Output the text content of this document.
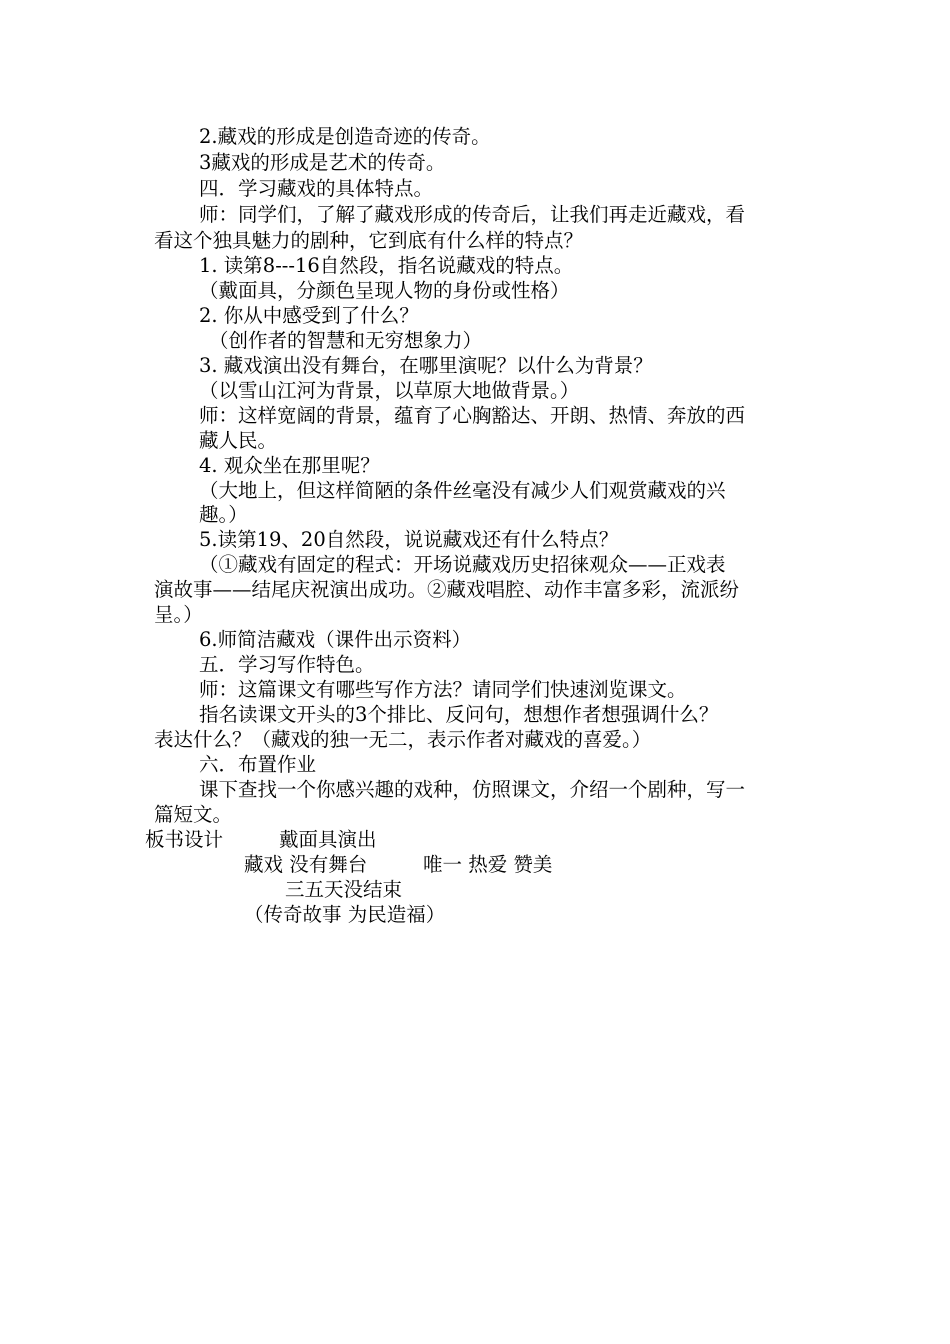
2.藏戏的形成是创造奇迹的传奇。
3藏戏的形成是艺术的传奇。
四．学习藏戏的具体特点。
师：同学们，了解了藏戏形成的传奇后，让我们再走近藏戏，看
看这个独具魅力的剧种，它到底有什么样的特点？
1. 读第8---16自然段，指名说藏戏的特点。
（戴面具，分颜色呈现人物的身份或性格）
2. 你从中感受到了什么？
（创作者的智慧和无穷想象力）
3. 藏戏演出没有舞台，在哪里演呢？以什么为背景？
（以雪山江河为背景，以草原大地做背景。）
师：这样宽阔的背景，蕴育了心胸豁达、开朗、热情、奔放的西
藏人民。
4. 观众坐在那里呢？
（大地上，但这样简陋的条件丝毫没有减少人们观赏藏戏的兴
趣。）
5.读第19、20自然段，说说藏戏还有什么特点？
（①藏戏有固定的程式：开场说藏戏历史招徕观众——正戏表
演故事——结尾庆祝演出成功。②藏戏唱腔、动作丰富多彩，流派纷
呈。）
6.师简洁藏戏（课件出示资料）
五．学习写作特色。
师：这篇课文有哪些写作方法？请同学们快速浏览课文。
指名读课文开头的3个排比、反问句，想想作者想强调什么？
表达什么？（藏戏的独一无二，表示作者对藏戏的喜爱。）
六．布置作业
课下查找一个你感兴趣的戏种，仿照课文，介绍一个剧种，写一
篇短文。
板书设计	戴面具演出
藏戏 没有舞台	唯一 热爱 赞美
三五天没结束
（传奇故事 为民造福）
